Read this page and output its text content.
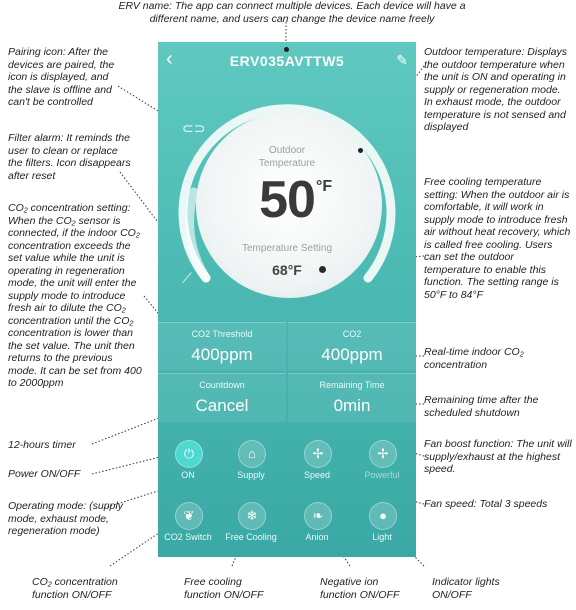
ERV name: The app can connect multiple devices. Each device will have a different name, and users can change the device name freely
Pairing icon: After the devices are paired, the icon is displayed, and the slave is offline and can't be controlled
Filter alarm: It reminds the user to clean or replace the filters. Icon disappears after reset
CO₂ concentration setting: When the CO₂ sensor is connected, if the indoor CO₂ concentration exceeds the set value while the unit is operating in regeneration mode, the unit will enter the supply mode to introduce fresh air to dilute the CO₂ concentration until the CO₂ concentration is lower than the set value. The unit then returns to the previous mode. It can be set from 400 to 2000ppm
12-hours timer
Power ON/OFF
Operating mode: (supply mode, exhaust mode, regeneration mode)
CO₂ concentration function ON/OFF
Free cooling function ON/OFF
Negative ion function ON/OFF
Indicator lights ON/OFF
Outdoor temperature: Displays the outdoor temperature when the unit is ON and operating in supply or regeneration mode. In exhaust mode, the outdoor temperature is not sensed and displayed
Free cooling temperature setting: When the outdoor air is comfortable, it will work in supply mode to introduce fresh air without heat recovery, which is called free cooling. Users can set the outdoor temperature to enable this function. The setting range is 50°F to 84°F
Real-time indoor CO₂ concentration
Remaining time after the scheduled shutdown
Fan boost function: The unit will supply/exhaust at the highest speed.
Fan speed: Total 3 speeds
‹	ERV035AVTTW5	✎
⊂⊃
⟋
Outdoor
Temperature
50 °F
Temperature Setting
68°F
CO2 Threshold
400ppm
CO2
400ppm
Countdown
Cancel
Remaining Time
0min
⏻
ON
⌂
Supply
✢
Speed
✢
Powerful
❦
CO2 Switch
❄
Free Cooling
❧
Anion
●
Light
